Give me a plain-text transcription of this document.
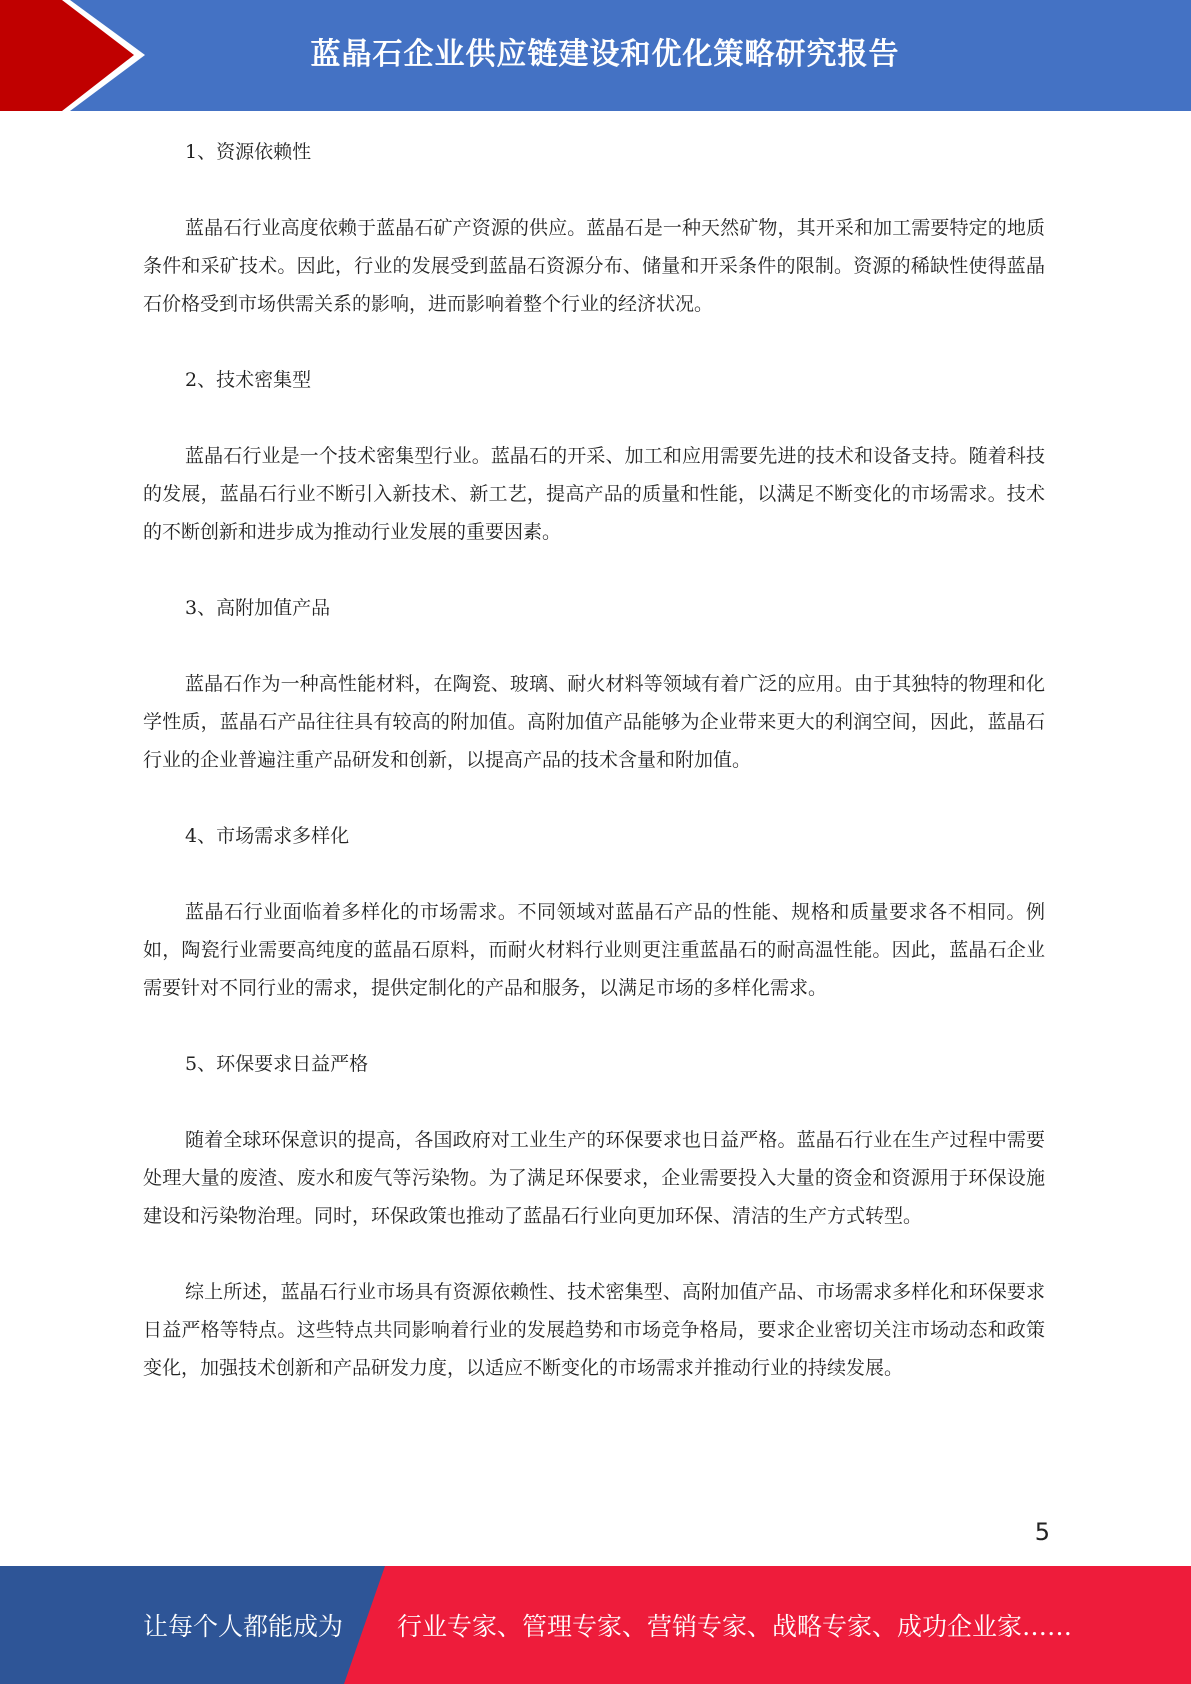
蓝晶石企业供应链建设和优化策略研究报告

1、资源依赖性

蓝晶石行业高度依赖于蓝晶石矿产资源的供应。蓝晶石是一种天然矿物，其开采和加工需要特定的地质条件和采矿技术。因此，行业的发展受到蓝晶石资源分布、储量和开采条件的限制。资源的稀缺性使得蓝晶石价格受到市场供需关系的影响，进而影响着整个行业的经济状况。

2、技术密集型

蓝晶石行业是一个技术密集型行业。蓝晶石的开采、加工和应用需要先进的技术和设备支持。随着科技的发展，蓝晶石行业不断引入新技术、新工艺，提高产品的质量和性能，以满足不断变化的市场需求。技术的不断创新和进步成为推动行业发展的重要因素。

3、高附加值产品

蓝晶石作为一种高性能材料，在陶瓷、玻璃、耐火材料等领域有着广泛的应用。由于其独特的物理和化学性质，蓝晶石产品往往具有较高的附加值。高附加值产品能够为企业带来更大的利润空间，因此，蓝晶石行业的企业普遍注重产品研发和创新，以提高产品的技术含量和附加值。

4、市场需求多样化

蓝晶石行业面临着多样化的市场需求。不同领域对蓝晶石产品的性能、规格和质量要求各不相同。例如，陶瓷行业需要高纯度的蓝晶石原料，而耐火材料行业则更注重蓝晶石的耐高温性能。因此，蓝晶石企业需要针对不同行业的需求，提供定制化的产品和服务，以满足市场的多样化需求。

5、环保要求日益严格

随着全球环保意识的提高，各国政府对工业生产的环保要求也日益严格。蓝晶石行业在生产过程中需要处理大量的废渣、废水和废气等污染物。为了满足环保要求，企业需要投入大量的资金和资源用于环保设施建设和污染物治理。同时，环保政策也推动了蓝晶石行业向更加环保、清洁的生产方式转型。

综上所述，蓝晶石行业市场具有资源依赖性、技术密集型、高附加值产品、市场需求多样化和环保要求日益严格等特点。这些特点共同影响着行业的发展趋势和市场竞争格局，要求企业密切关注市场动态和政策变化，加强技术创新和产品研发力度，以适应不断变化的市场需求并推动行业的持续发展。

5
让每个人都能成为 行业专家、管理专家、营销专家、战略专家、成功企业家……
